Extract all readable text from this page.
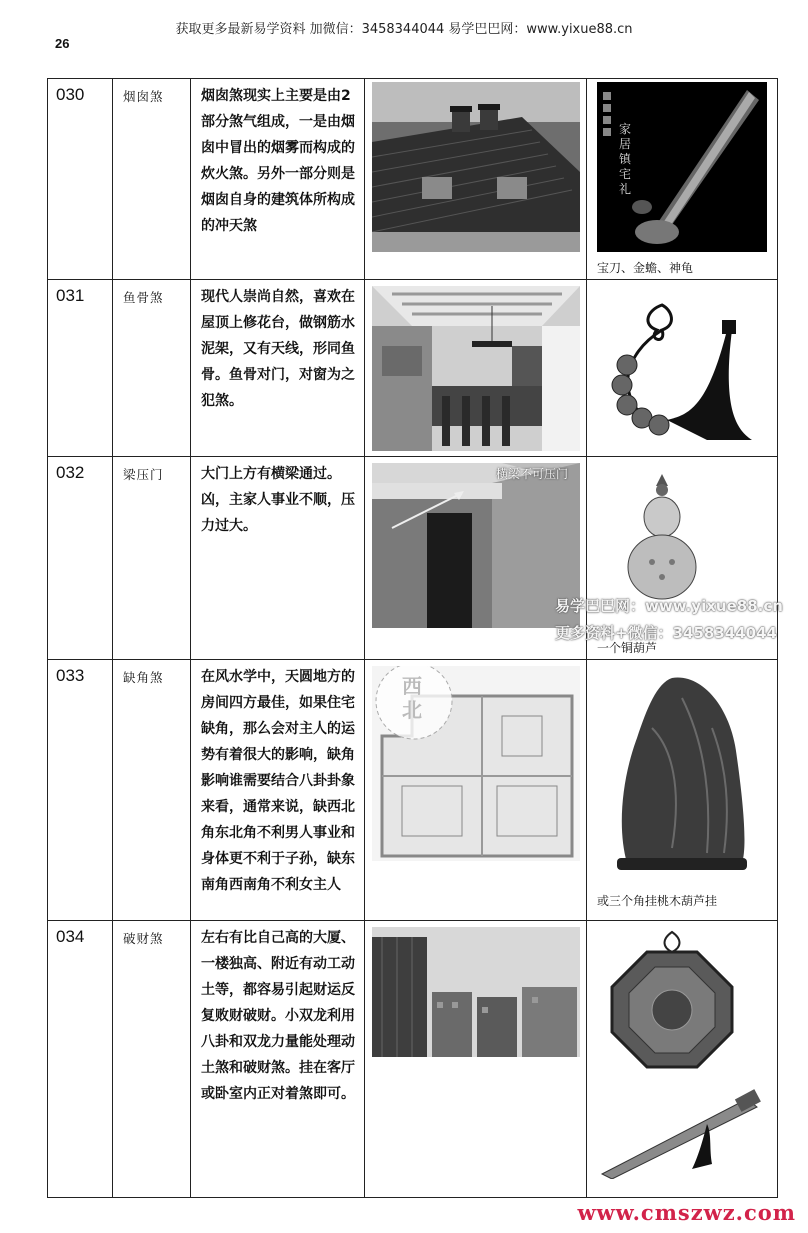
获取更多最新易学资料 加微信：3458344044 易学巴巴网：www.yixue88.cn
26
030	烟囱煞	烟囱煞现实上主要是由2部分煞气组成，一是由烟囱中冒出的烟雾而构成的炊火煞。另外一部分则是烟囱自身的建筑体所构成的冲天煞		家居镇宅礼
宝刀、金蟾、神龟

031	鱼骨煞	现代人崇尚自然，喜欢在屋顶上修花台，做钢筋水泥架，又有天线，形同鱼骨。鱼骨对门，对窗为之犯煞。	

032	梁压门	大门上方有横梁通过。凶，主家人事业不顺，压力过大。	横梁不可压门	一个铜葫芦

033	缺角煞	在风水学中，天圆地方的房间四方最佳，如果住宅缺角，那么会对主人的运势有着很大的影响，缺角影响谁需要结合八卦卦象来看，通常来说，缺西北角东北角不利男人事业和身体更不利于子孙，缺东南角西南角不利女主人	西北	或三个角挂桃木葫芦挂

034	破财煞	左右有比自己高的大厦、一楼独高、附近有动工动土等，都容易引起财运反复败财破财。小双龙利用八卦和双龙力量能处理动土煞和破财煞。挂在客厅或卧室内正对着煞即可。	

易学巴巴网：www.yixue88.cn
更多资料+微信：3458344044
www.cmszwz.com
